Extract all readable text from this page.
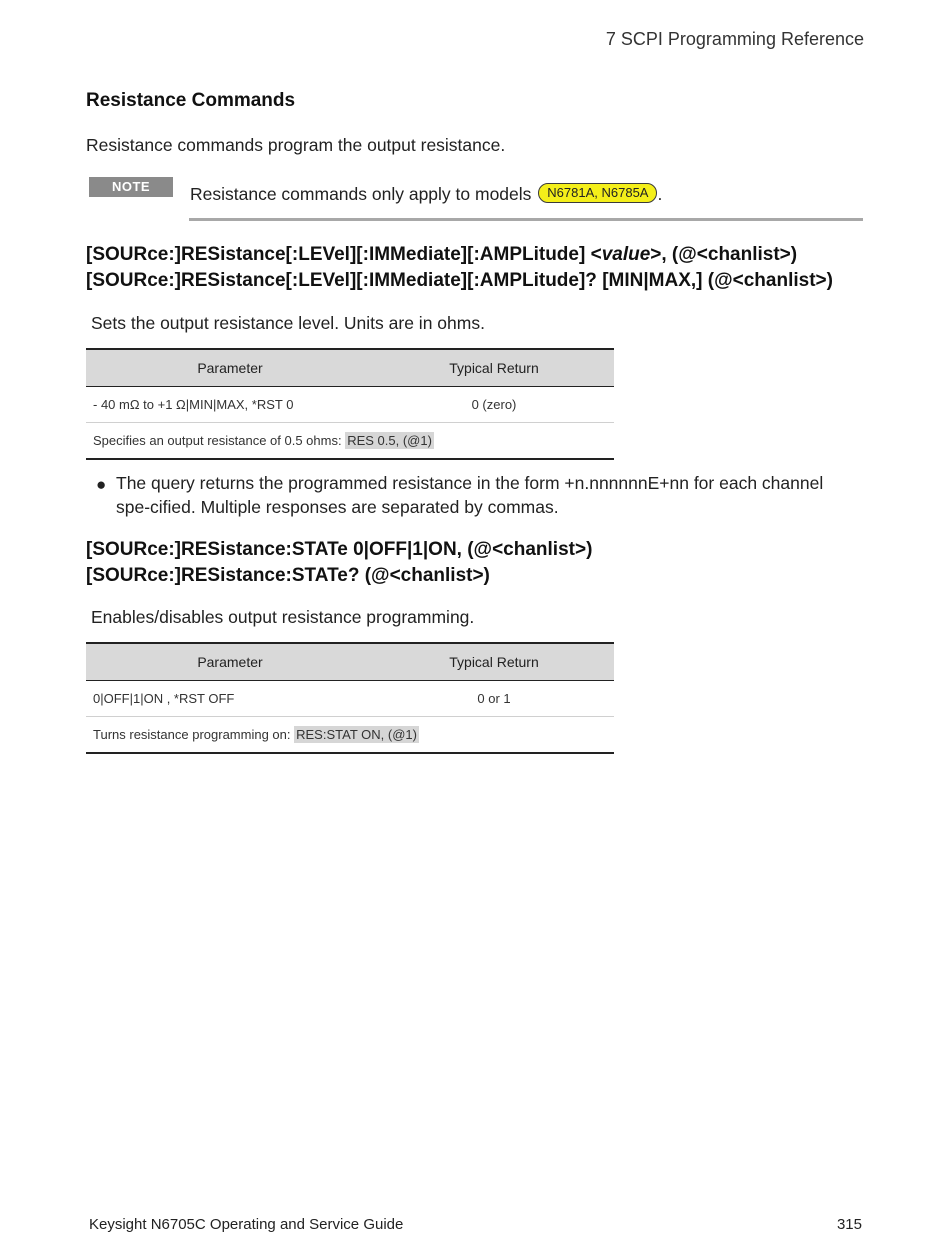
7 SCPI Programming Reference
Resistance Commands
Resistance commands program the output resistance.
NOTE	Resistance commands only apply to models N6781A, N6785A .
[SOURce:]RESistance[:LEVel][:IMMediate][:AMPLitude] <value>, (@<chanlist>)
[SOURce:]RESistance[:LEVel][:IMMediate][:AMPLitude]? [MIN|MAX,] (@<chanlist>)
Sets the output resistance level. Units are in ohms.
Parameter	Typical Return
- 40 mΩ to +1 Ω|MIN|MAX, *RST 0	0 (zero)
Specifies an output resistance of 0.5 ohms: RES 0.5, (@1)	
● The query returns the programmed resistance in the form +n.nnnnnnE+nn for each channel spe-cified. Multiple responses are separated by commas.
[SOURce:]RESistance:STATe 0|OFF|1|ON, (@<chanlist>)
[SOURce:]RESistance:STATe? (@<chanlist>)
Enables/disables output resistance programming.
Parameter	Typical Return
0|OFF|1|ON , *RST OFF	0 or 1
Turns resistance programming on: RES:STAT ON, (@1)	
Keysight N6705C Operating and Service Guide	315
